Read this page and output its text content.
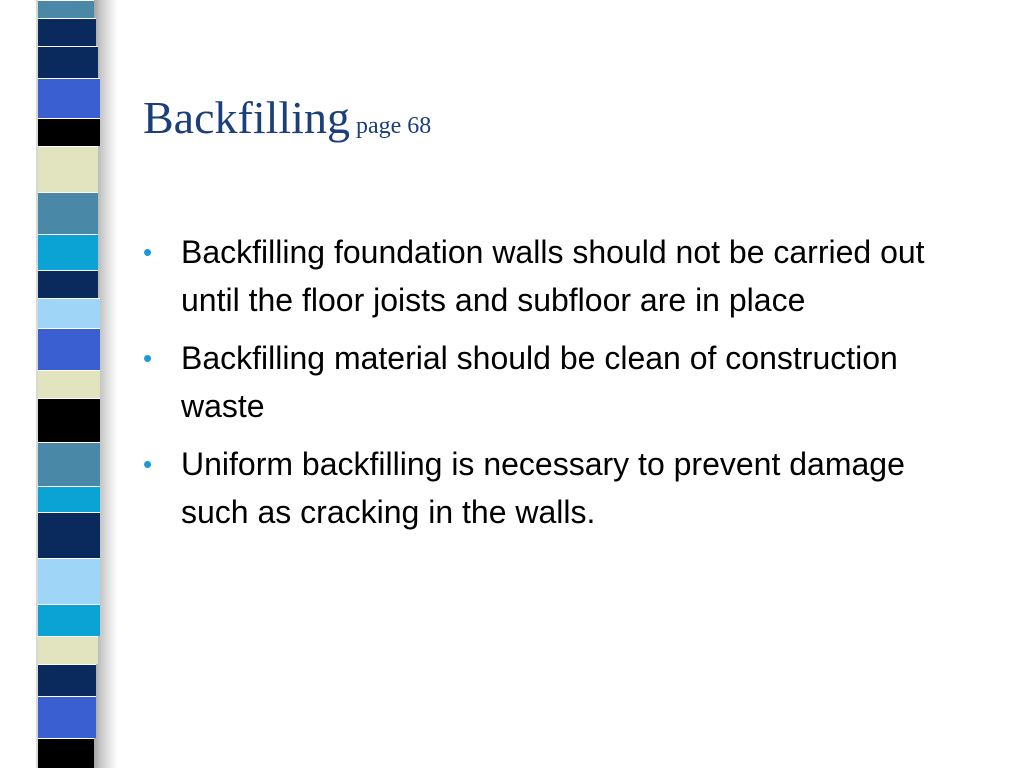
Backfilling page 68
• Backfilling foundation walls should not be carried out until the floor joists and subfloor are in place
• Backfilling material should be clean of construction waste
• Uniform backfilling is necessary to prevent damage such as cracking in the walls.
